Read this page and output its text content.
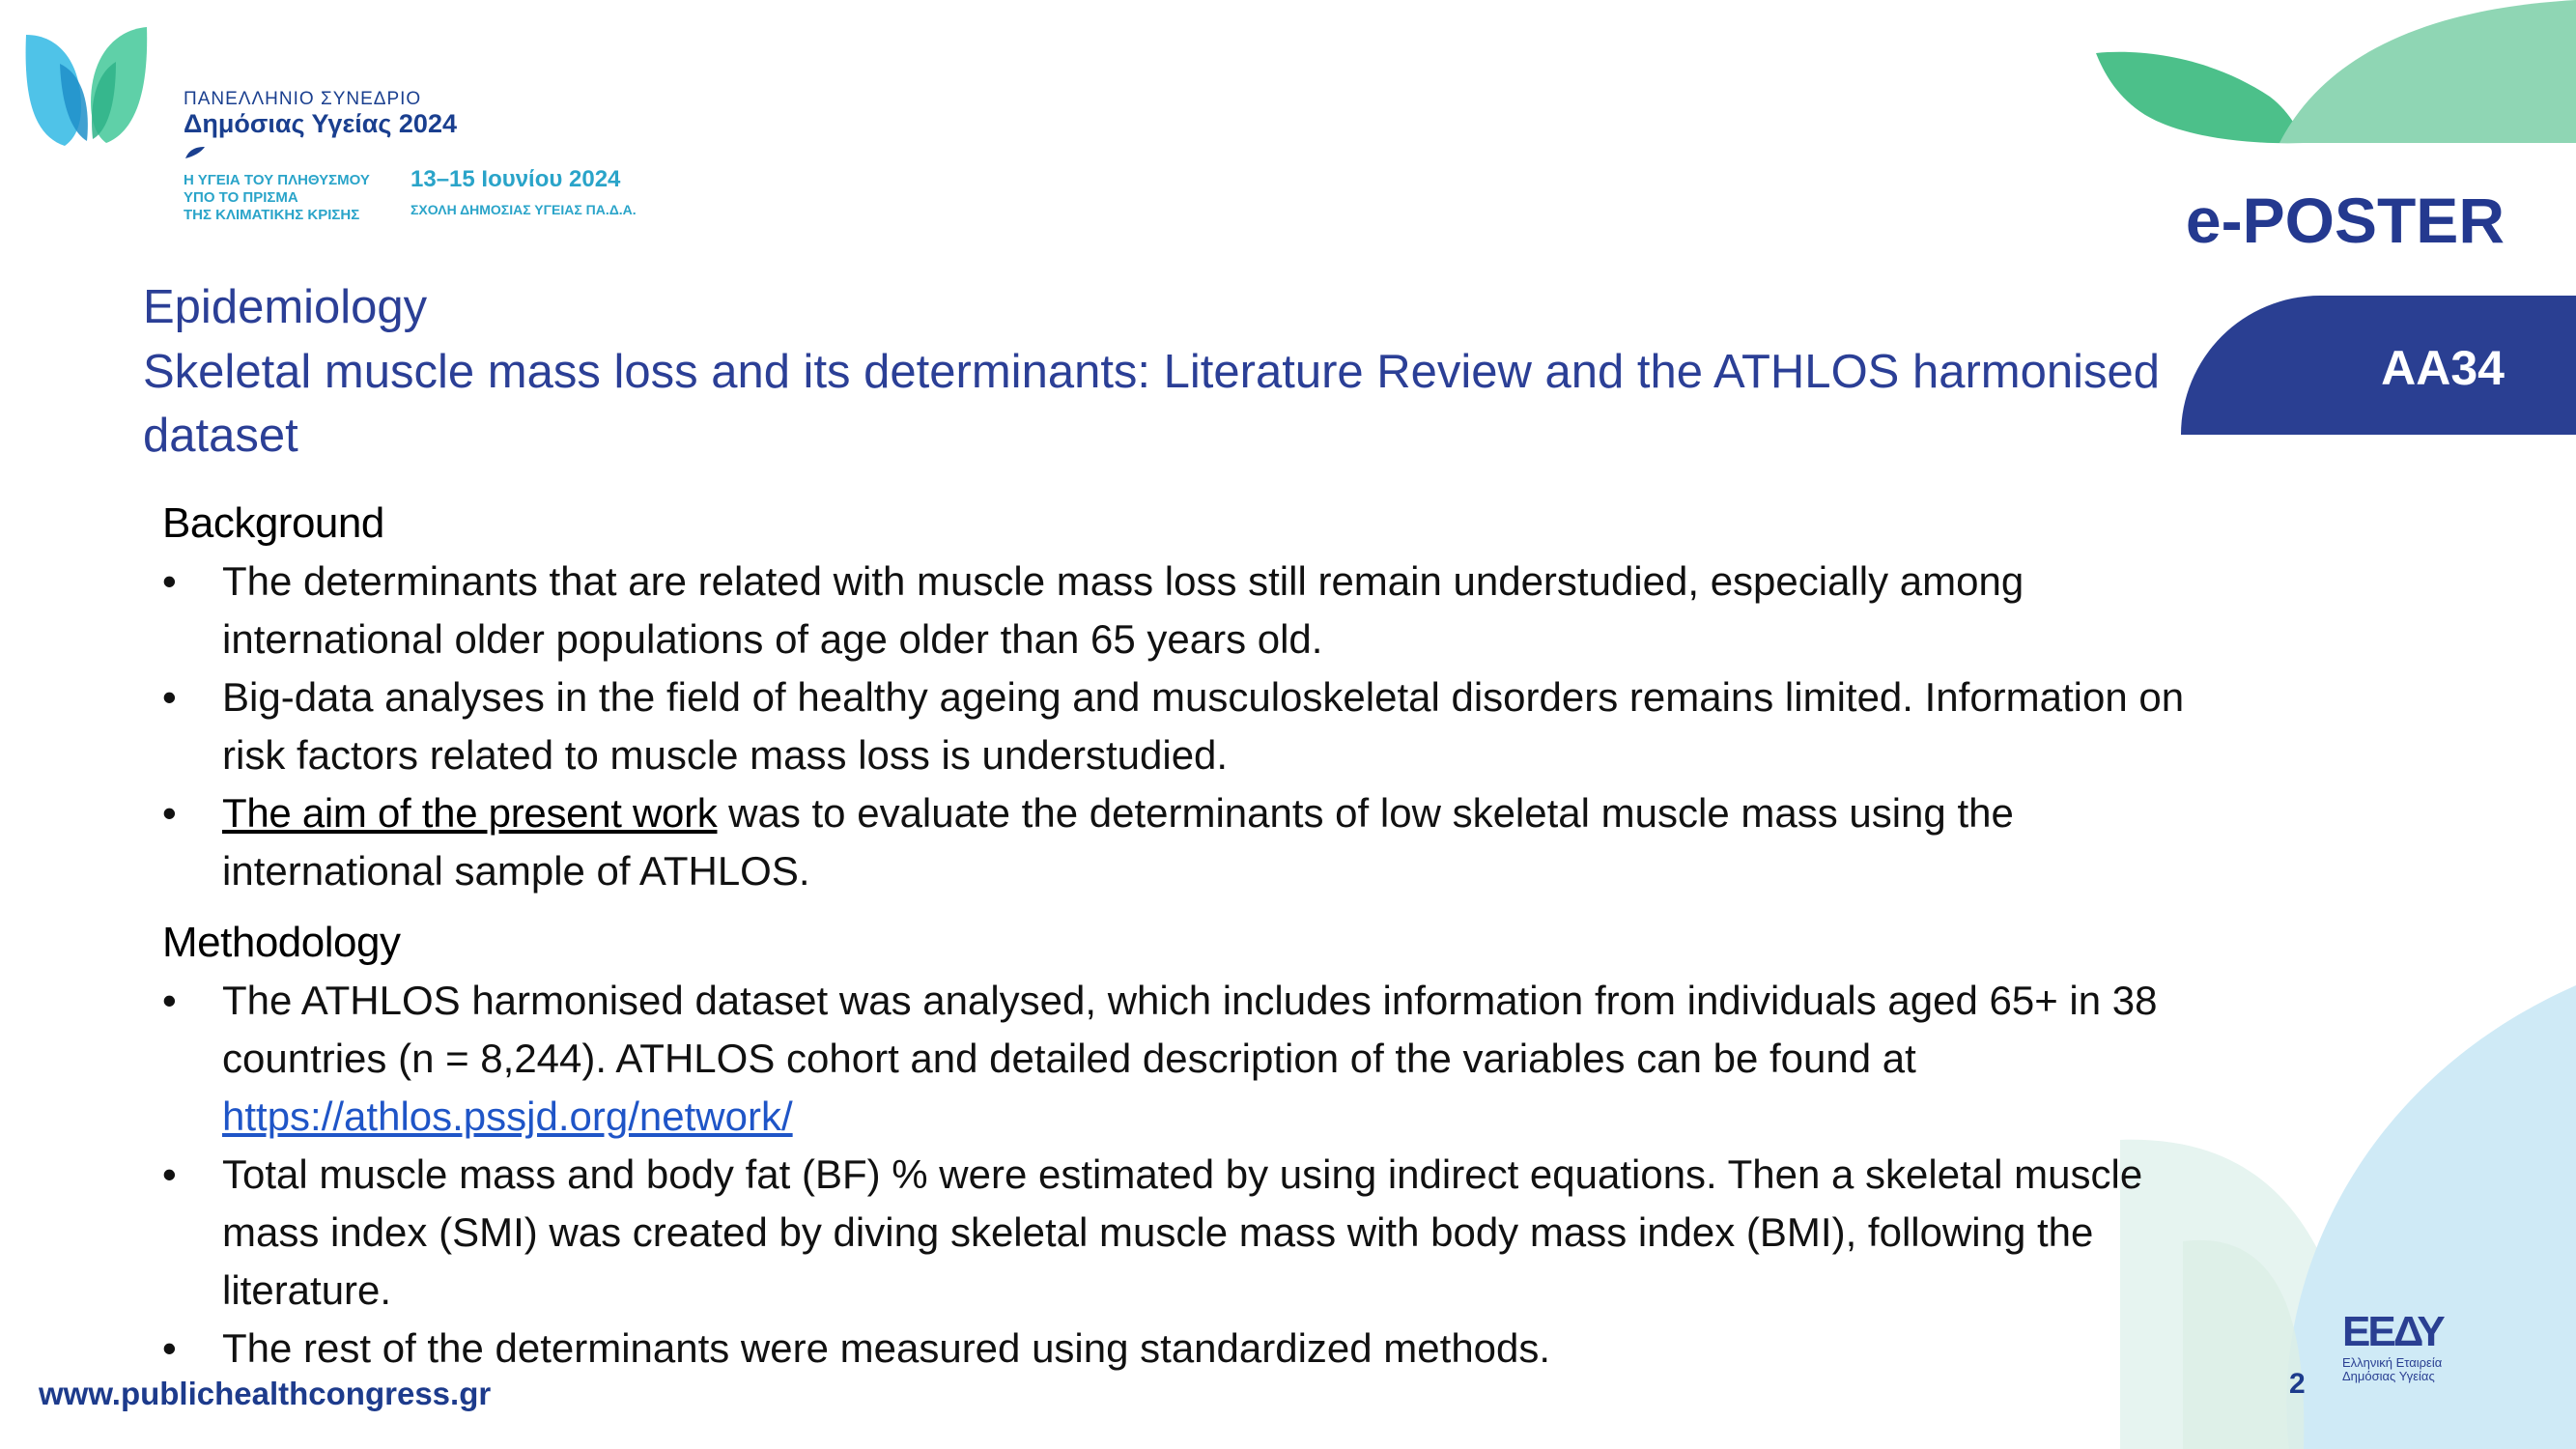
ΠΑΝΕΛΛΗΝΙΟ ΣΥΝΕΔΡΙΟ
Δημόσιας Υγείας 2024
Η ΥΓΕΙΑ ΤΟΥ ΠΛΗΘΥΣΜΟΥ
ΥΠΟ ΤΟ ΠΡΙΣΜΑ
ΤΗΣ ΚΛΙΜΑΤΙΚΗΣ ΚΡΙΣΗΣ
13–15 Ιουνίου 2024
ΣΧΟΛΗ ΔΗΜΟΣΙΑΣ ΥΓΕΙΑΣ ΠΑ.Δ.Α.	e-POSTER
AA34
Epidemiology
Skeletal muscle mass loss and its determinants: Literature Review and the ATHLOS harmonised dataset
Background
• The determinants that are related with muscle mass loss still remain understudied, especially among international older populations of age older than 65 years old.
• Big-data analyses in the field of healthy ageing and musculoskeletal disorders remains limited. Information on risk factors related to muscle mass loss is understudied.
• The aim of the present work was to evaluate the determinants of low skeletal muscle mass using the international sample of ATHLOS.
Methodology
• The ATHLOS harmonised dataset was analysed, which includes information from individuals aged 65+ in 38 countries (n = 8,244). ATHLOS cohort and detailed description of the variables can be found at https://athlos.pssjd.org/network/
• Total muscle mass and body fat (BF) % were estimated by using indirect equations. Then a skeletal muscle mass index (SMI) was created by diving skeletal muscle mass with body mass index (BMI), following the literature.
• The rest of the determinants were measured using standardized methods.
www.publichealthcongress.gr	2
ΕΕΔΥ
Ελληνική Εταιρεία
Δημόσιας Υγείας
